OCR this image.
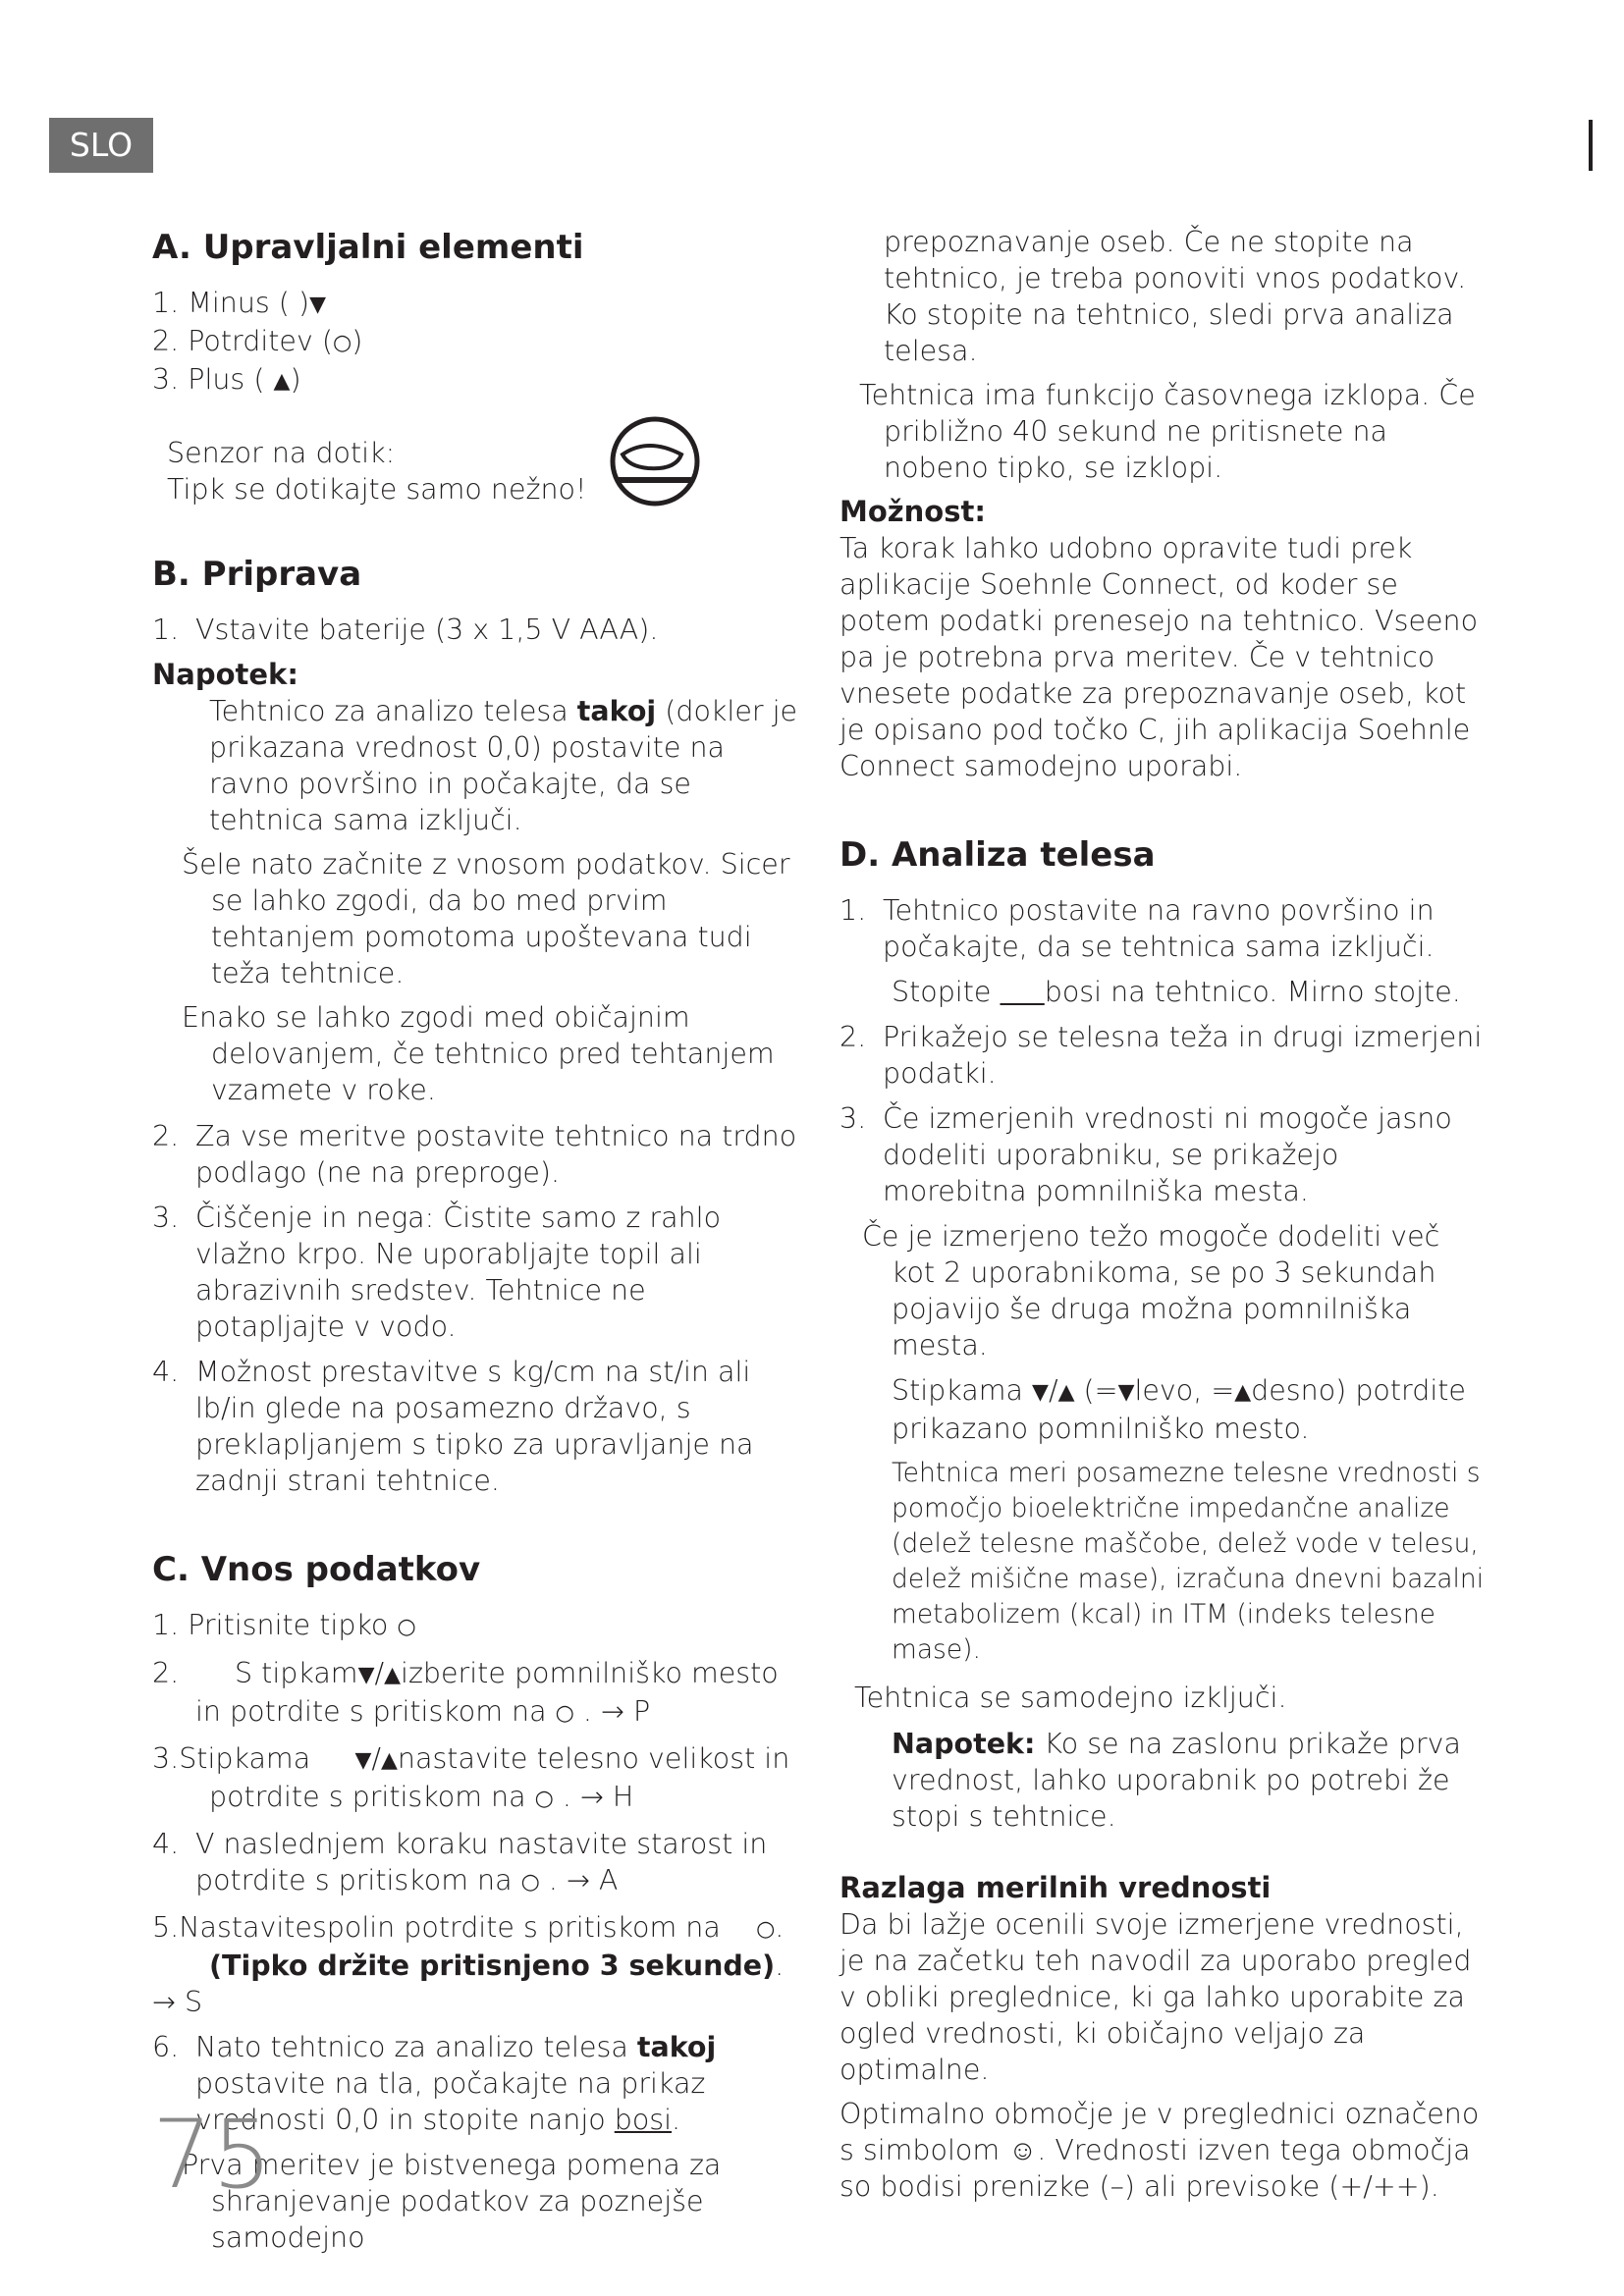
SLO
A. Upravljalni elementi

1. Minus ( )▼

2. Potrditev (○)

3. Plus ( ▲)

Senzor na dotik:

Tipk se dotikajte samo nežno!

B. Priprava
1. Vstavite baterije (3 x 1,5 V AAA).
Napotek:

Tehtnico za analizo telesa takoj (dokler je prikazana vrednost 0,0) postavite na ravno površino in počakajte, da se tehtnica sama izključi.

Šele nato začnite z vnosom podatkov. Sicer se lahko zgodi, da bo med prvim tehtanjem pomotoma upoštevana tudi teža tehtnice.

Enako se lahko zgodi med običajnim delovanjem, če tehtnico pred tehtanjem vzamete v roke.

2. Za vse meritve postavite tehtnico na trdno podlago (ne na preproge).
3. Čiščenje in nega: Čistite samo z rahlo vlažno krpo. Ne uporabljajte topil ali abrazivnih sredstev. Tehtnice ne potapljajte v vodo.
4. Možnost prestavitve s kg/cm na st/in ali lb/in glede na posamezno državo, s preklapljanjem s tipko za upravljanje na zadnji strani tehtnice.
C. Vnos podatkov

1. Pritisnite tipko ○

2.	S tipkam▼/▲izberite pomnilniško mesto
in potrdite s pritiskom na ○ . → P

3.Stipkama ▼/▲nastavite telesno velikost in
potrdite s pritiskom na ○ . → H

4. V naslednjem koraku nastavite starost in potrdite s pritiskom na ○ . → A

5.Nastavitespolin potrdite s pritiskom na ○.
(Tipko držite pritisnjeno 3 sekunde). → S

6. Nato tehtnico za analizo telesa takoj postavite na tla, počakajte na prikaz vrednosti 0,0 in stopite nanjo bosi.

Prva meritev je bistvenega pomena za shranjevanje podatkov za poznejše samodejno

prepoznavanje oseb. Če ne stopite na tehtnico, je treba ponoviti vnos podatkov. Ko stopite na tehtnico, sledi prva analiza telesa.

Tehtnica ima funkcijo časovnega izklopa. Če približno 40 sekund ne pritisnete na nobeno tipko, se izklopi.

Možnost:

Ta korak lahko udobno opravite tudi prek aplikacije Soehnle Connect, od koder se potem podatki prenesejo na tehtnico. Vseeno pa je potrebna prva meritev. Če v tehtnico vnesete podatke za prepoznavanje oseb, kot je opisano pod točko C, jih aplikacija Soehnle Connect samodejno uporabi.

D. Analiza telesa
1. Tehtnico postavite na ravno površino in počakajte, da se tehtnica sama izključi.

Stopite      bosi na tehtnico. Mirno stojte.

2. Prikažejo se telesna teža in drugi izmerjeni podatki.
3. Če izmerjenih vrednosti ni mogoče jasno dodeliti uporabniku, se prikažejo morebitna pomnilniška mesta.

Če je izmerjeno težo mogoče dodeliti več kot 2 uporabnikoma, se po 3 sekundah pojavijo še druga možna pomnilniška mesta.

Stipkama ▼/▲ (=▼levo, =▲desno) potrdite prikazano pomnilniško mesto.

Tehtnica meri posamezne telesne vrednosti s pomočjo bioelektrične impedančne analize (delež telesne maščobe, delež vode v telesu, delež mišične mase), izračuna dnevni bazalni metabolizem (kcal) in ITM (indeks telesne mase).

Tehtnica se samodejno izključi.

Napotek: Ko se na zaslonu prikaže prva vrednost, lahko uporabnik po potrebi že stopi s tehtnice.

Razlaga merilnih vrednosti

Da bi lažje ocenili svoje izmerjene vrednosti, je na začetku teh navodil za uporabo pregled v obliki preglednice, ki ga lahko uporabite za ogled vrednosti, ki običajno veljajo za optimalne.

Optimalno območje je v preglednici označeno s simbolom ☺. Vrednosti izven tega območja so bodisi prenizke (–) ali previsoke (+/++).

75
